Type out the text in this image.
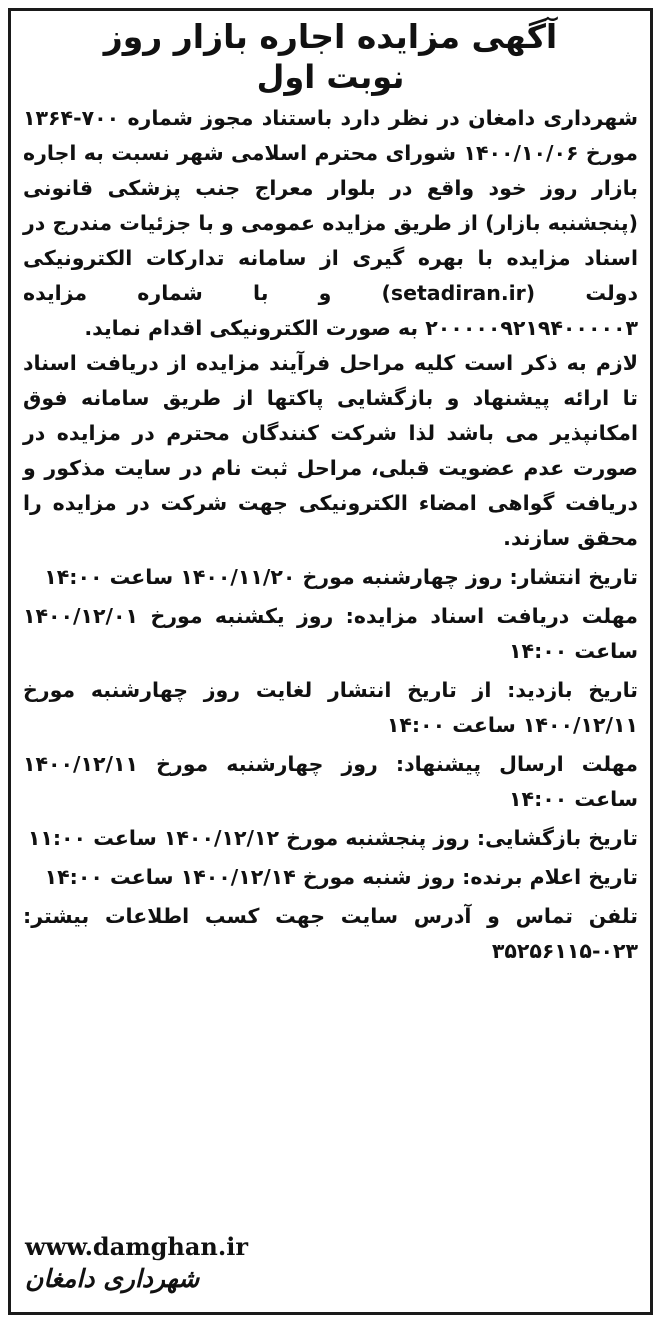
آگهی مزایده اجاره بازار روز
نوبت اول

شهرداری دامغان در نظر دارد باستناد مجوز شماره ۷۰۰-۱۳۶۴ مورخ ۱۴۰۰/۱۰/۰۶ شورای محترم اسلامی شهر نسبت به اجاره بازار روز خود واقع در بلوار معراج جنب پزشکی قانونی (پنجشنبه بازار) از طریق مزایده عمومی و با جزئیات مندرج در اسناد مزایده با بهره گیری از سامانه تدارکات الکترونیکی دولت (setadiran.ir) و با شماره مزایده ۲۰۰۰۰۰۹۲۱۹۴۰۰۰۰۰۳ به صورت الکترونیکی اقدام نماید.

لازم به ذکر است کلیه مراحل فرآیند مزایده از دریافت اسناد تا ارائه پیشنهاد و بازگشایی پاکتها از طریق سامانه فوق امکانپذیر می باشد لذا شرکت کنندگان محترم در مزایده در صورت عدم عضویت قبلی، مراحل ثبت نام در سایت مذکور و دریافت گواهی امضاء الکترونیکی جهت شرکت در مزایده را محقق سازند.

تاریخ انتشار: روز چهارشنبه مورخ ۱۴۰۰/۱۱/۲۰ ساعت ۱۴:۰۰

مهلت دریافت اسناد مزایده: روز یکشنبه مورخ ۱۴۰۰/۱۲/۰۱ ساعت ۱۴:۰۰

تاریخ بازدید: از تاریخ انتشار لغایت روز چهارشنبه مورخ ۱۴۰۰/۱۲/۱۱ ساعت ۱۴:۰۰

مهلت ارسال پیشنهاد: روز چهارشنبه مورخ ۱۴۰۰/۱۲/۱۱ ساعت ۱۴:۰۰

تاریخ بازگشایی: روز پنجشنبه مورخ ۱۴۰۰/۱۲/۱۲ ساعت ۱۱:۰۰

تاریخ اعلام برنده: روز شنبه مورخ ۱۴۰۰/۱۲/۱۴ ساعت ۱۴:۰۰

تلفن تماس و آدرس سایت جهت کسب اطلاعات بیشتر: ۰۲۳-۳۵۲۵۶۱۱۵

www.damghan.ir
شهرداری دامغان
